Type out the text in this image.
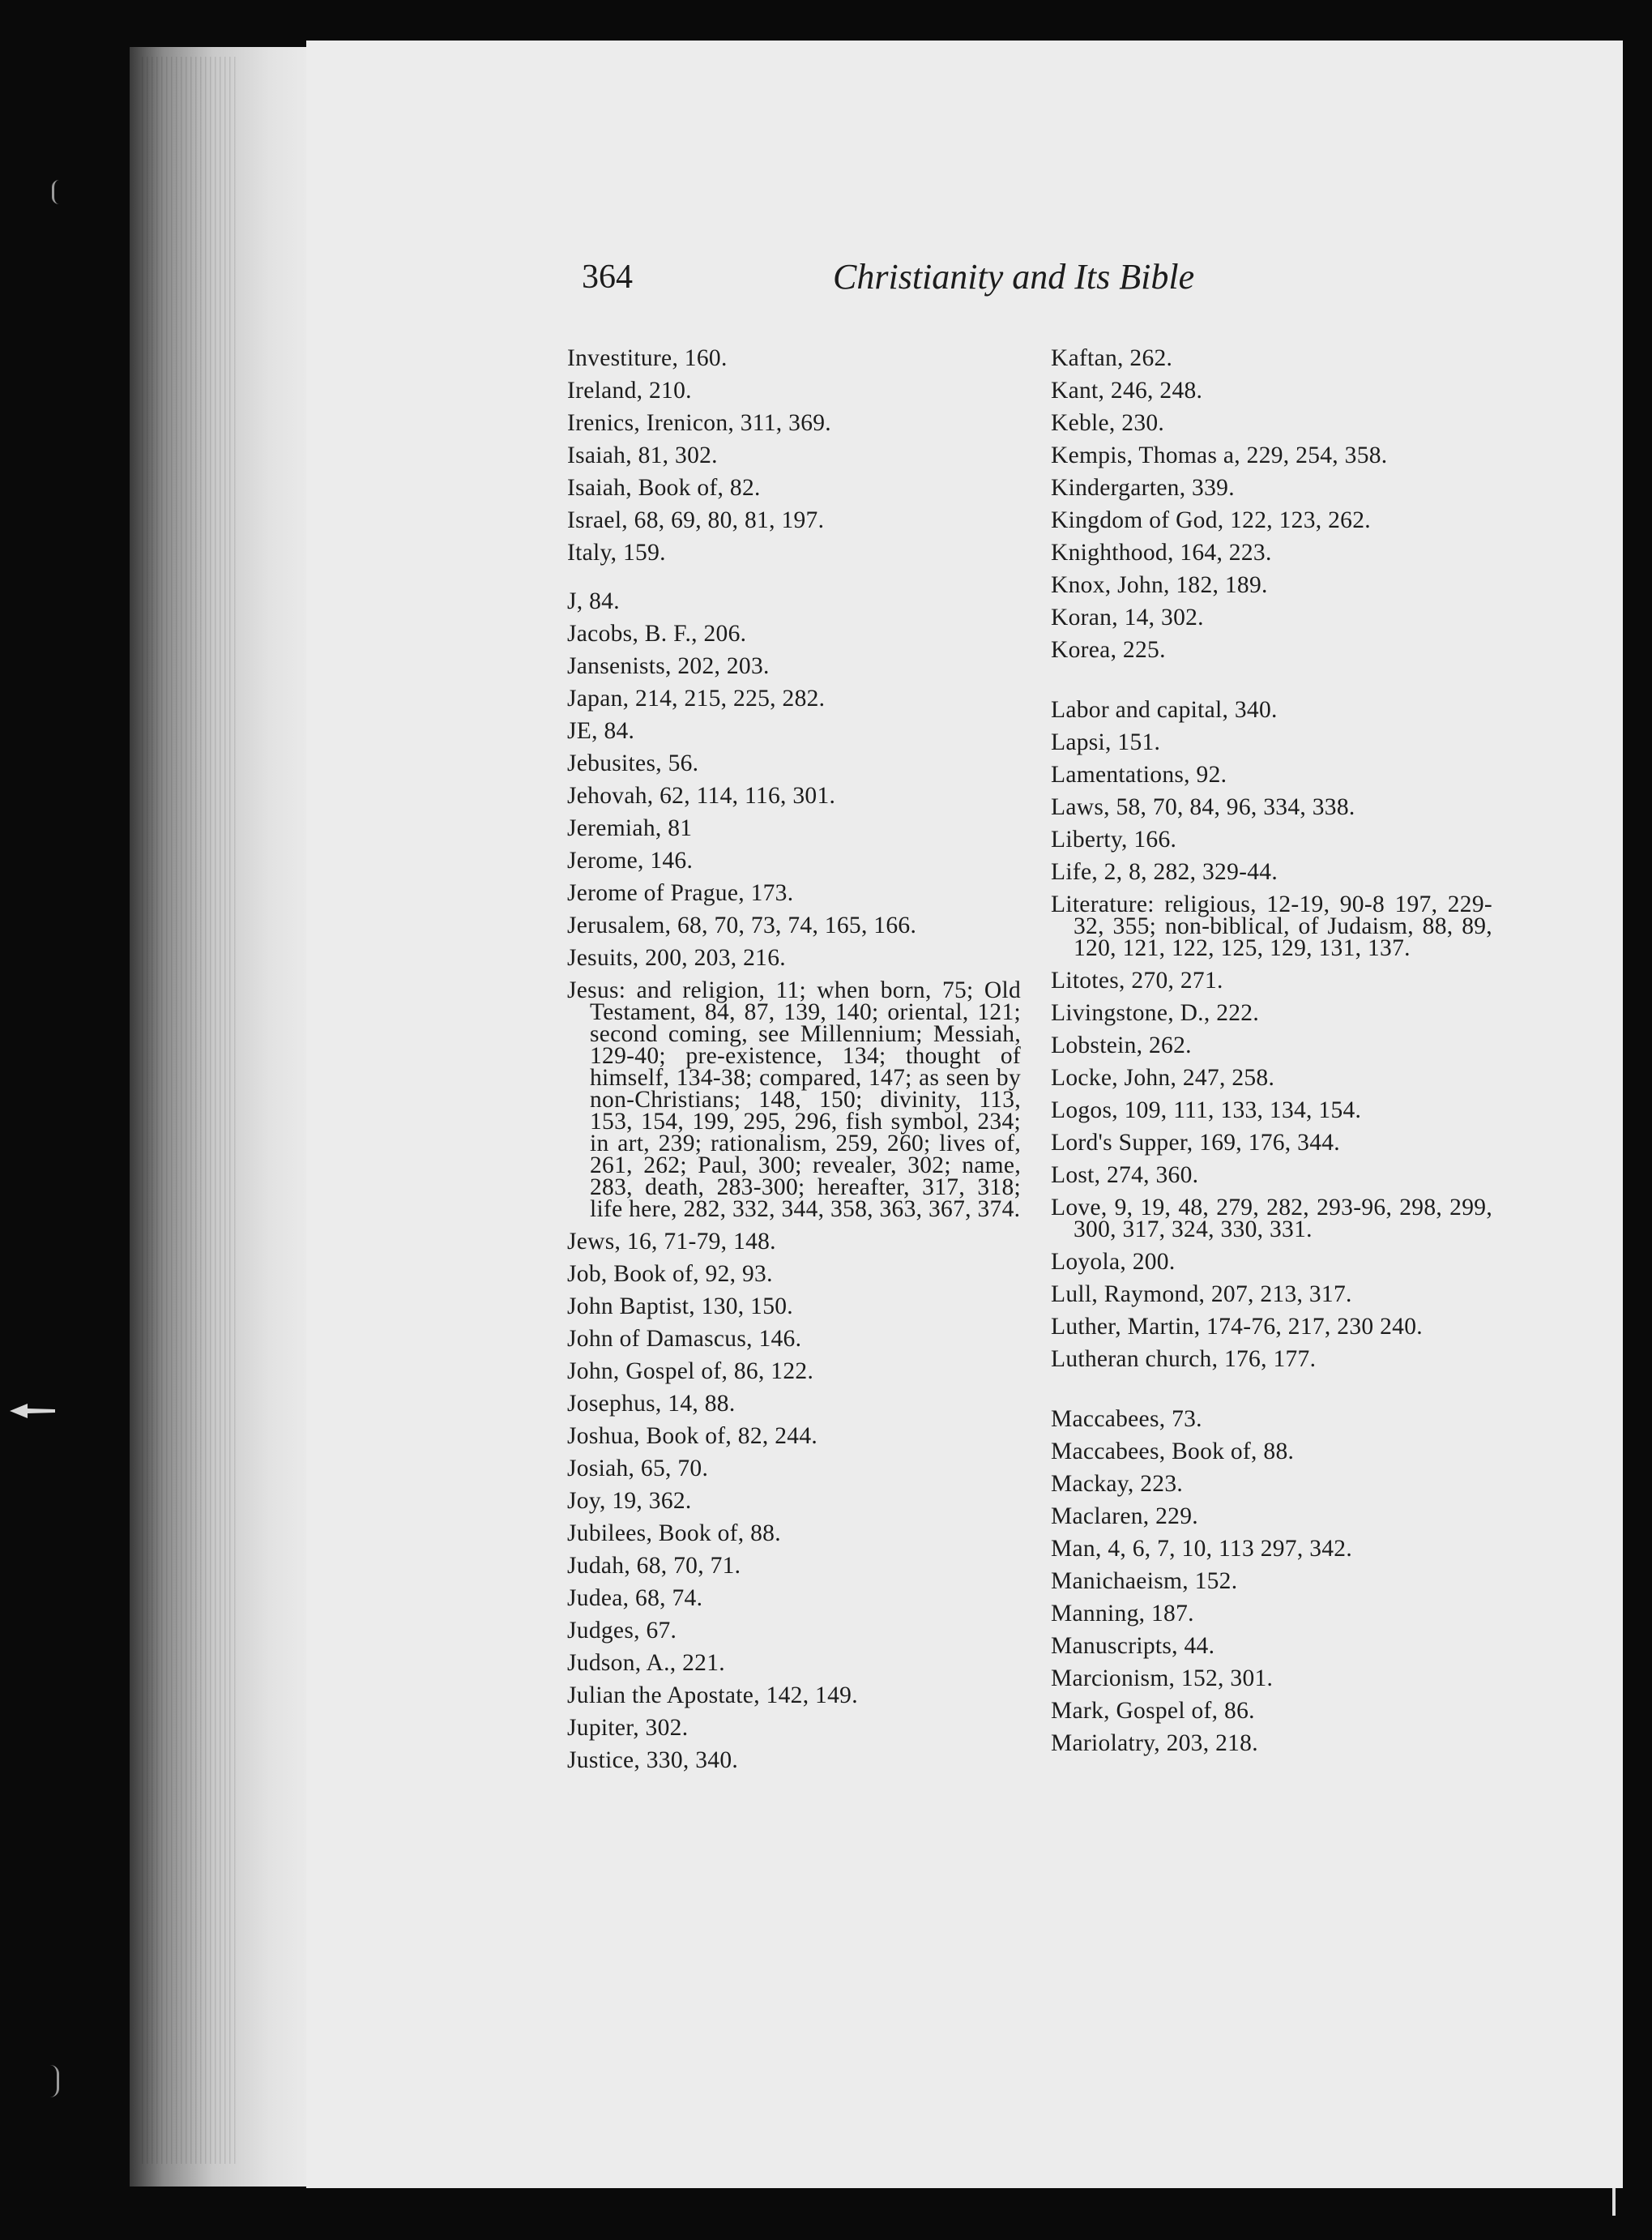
364	Christianity and Its Bible
Investiture, 160.
Ireland, 210.
Irenics, Irenicon, 311, 369.
Isaiah, 81, 302.
Isaiah, Book of, 82.
Israel, 68, 69, 80, 81, 197.
Italy, 159.
J, 84.
Jacobs, B. F., 206.
Jansenists, 202, 203.
Japan, 214, 215, 225, 282.
JE, 84.
Jebusites, 56.
Jehovah, 62, 114, 116, 301.
Jeremiah, 81
Jerome, 146.
Jerome of Prague, 173.
Jerusalem, 68, 70, 73, 74, 165, 166.
Jesuits, 200, 203, 216.
Jesus: and religion, 11; when born, 75; Old Testament, 84, 87, 139, 140; oriental, 121; second coming, see Millennium; Messiah, 129-40; pre-existence, 134; thought of himself, 134-38; compared, 147; as seen by non-Christians; 148, 150; divinity, 113, 153, 154, 199, 295, 296, fish symbol, 234; in art, 239; rationalism, 259, 260; lives of, 261, 262; Paul, 300; revealer, 302; name, 283, death, 283-300; hereafter, 317, 318; life here, 282, 332, 344, 358, 363, 367, 374.
Jews, 16, 71-79, 148.
Job, Book of, 92, 93.
John Baptist, 130, 150.
John of Damascus, 146.
John, Gospel of, 86, 122.
Josephus, 14, 88.
Joshua, Book of, 82, 244.
Josiah, 65, 70.
Joy, 19, 362.
Jubilees, Book of, 88.
Judah, 68, 70, 71.
Judea, 68, 74.
Judges, 67.
Judson, A., 221.
Julian the Apostate, 142, 149.
Jupiter, 302.
Justice, 330, 340.
Kaftan, 262.
Kant, 246, 248.
Keble, 230.
Kempis, Thomas a, 229, 254, 358.
Kindergarten, 339.
Kingdom of God, 122, 123, 262.
Knighthood, 164, 223.
Knox, John, 182, 189.
Koran, 14, 302.
Korea, 225.
Labor and capital, 340.
Lapsi, 151.
Lamentations, 92.
Laws, 58, 70, 84, 96, 334, 338.
Liberty, 166.
Life, 2, 8, 282, 329-44.
Literature: religious, 12-19, 90-8 197, 229-32, 355; non-biblical, of Judaism, 88, 89, 120, 121, 122, 125, 129, 131, 137.
Litotes, 270, 271.
Livingstone, D., 222.
Lobstein, 262.
Locke, John, 247, 258.
Logos, 109, 111, 133, 134, 154.
Lord's Supper, 169, 176, 344.
Lost, 274, 360.
Love, 9, 19, 48, 279, 282, 293-96, 298, 299, 300, 317, 324, 330, 331.
Loyola, 200.
Lull, Raymond, 207, 213, 317.
Luther, Martin, 174-76, 217, 230 240.
Lutheran church, 176, 177.
Maccabees, 73.
Maccabees, Book of, 88.
Mackay, 223.
Maclaren, 229.
Man, 4, 6, 7, 10, 113 297, 342.
Manichaeism, 152.
Manning, 187.
Manuscripts, 44.
Marcionism, 152, 301.
Mark, Gospel of, 86.
Mariolatry, 203, 218.
